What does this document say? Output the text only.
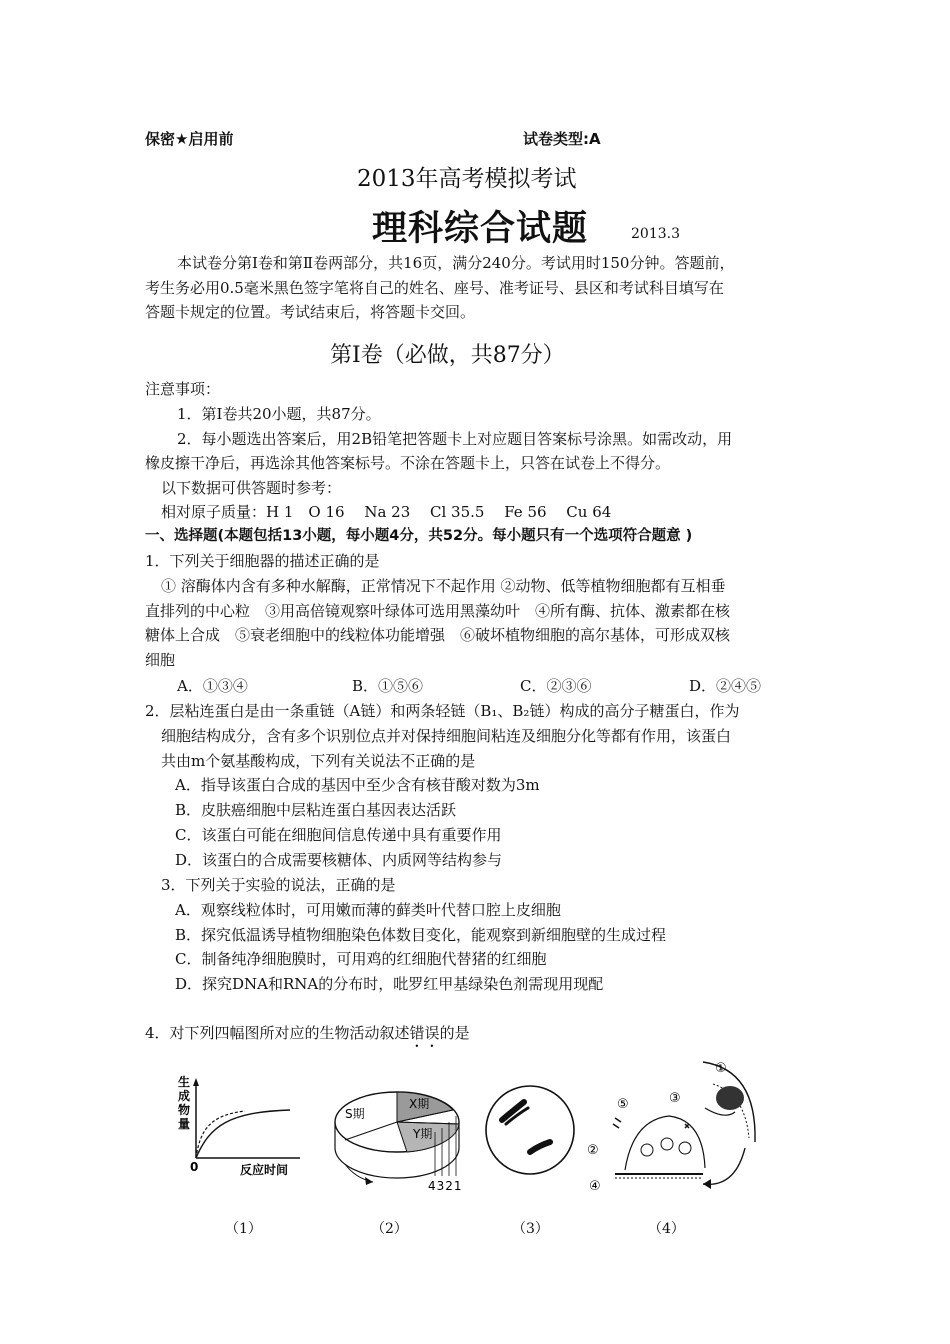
保密★启用前	试卷类型:A
2013年高考模拟考试
理科综合试题	2013.3
本试卷分第Ⅰ卷和第Ⅱ卷两部分，共16页，满分240分。考试用时150分钟。答题前，
考生务必用0.5毫米黑色签字笔将自己的姓名、座号、准考证号、县区和考试科目填写在
答题卡规定的位置。考试结束后，将答题卡交回。
第Ⅰ卷（必做，共87分）
注意事项：
1．第Ⅰ卷共20小题，共87分。
2．每小题选出答案后，用2B铅笔把答题卡上对应题目答案标号涂黑。如需改动，用
橡皮擦干净后，再选涂其他答案标号。不涂在答题卡上，只答在试卷上不得分。
以下数据可供答题时参考：
相对原子质量：H 1　O 16　 Na 23　 Cl 35.5　 Fe 56　 Cu 64
一、选择题(本题包括13小题，每小题4分，共52分。每小题只有一个选项符合题意 )
1．下列关于细胞器的描述正确的是
① 溶酶体内含有多种水解酶，正常情况下不起作用 ②动物、低等植物细胞都有互相垂
直排列的中心粒　③用高倍镜观察叶绿体可选用黑藻幼叶　④所有酶、抗体、激素都在核
糖体上合成　⑤衰老细胞中的线粒体功能增强　⑥破坏植物细胞的高尔基体，可形成双核
细胞
A．①③④	B．①⑤⑥	C．②③⑥	D．②④⑤
2．层粘连蛋白是由一条重链（A链）和两条轻链（B₁、B₂链）构成的高分子糖蛋白，作为
细胞结构成分，含有多个识别位点并对保持细胞间粘连及细胞分化等都有作用，该蛋白
共由m个氨基酸构成，下列有关说法不正确的是
A．指导该蛋白合成的基因中至少含有核苷酸对数为3m
B．皮肤癌细胞中层粘连蛋白基因表达活跃
C．该蛋白可能在细胞间信息传递中具有重要作用
D．该蛋白的合成需要核糖体、内质网等结构参与
3．下列关于实验的说法，正确的是
A．观察线粒体时，可用嫩而薄的藓类叶代替口腔上皮细胞
B．探究低温诱导植物细胞染色体数目变化，能观察到新细胞壁的生成过程
C．制备纯净细胞膜时，可用鸡的红细胞代替猪的红细胞
D．探究DNA和RNA的分布时，吡罗红甲基绿染色剂需现用现配
4．对下列四幅图所对应的生物活动叙述错误的是
生
成
物
量
0	反应时间
S期
X期
Y期
4321
①
②
③
④
⑤
（1）	（2）	（3）	（4）
